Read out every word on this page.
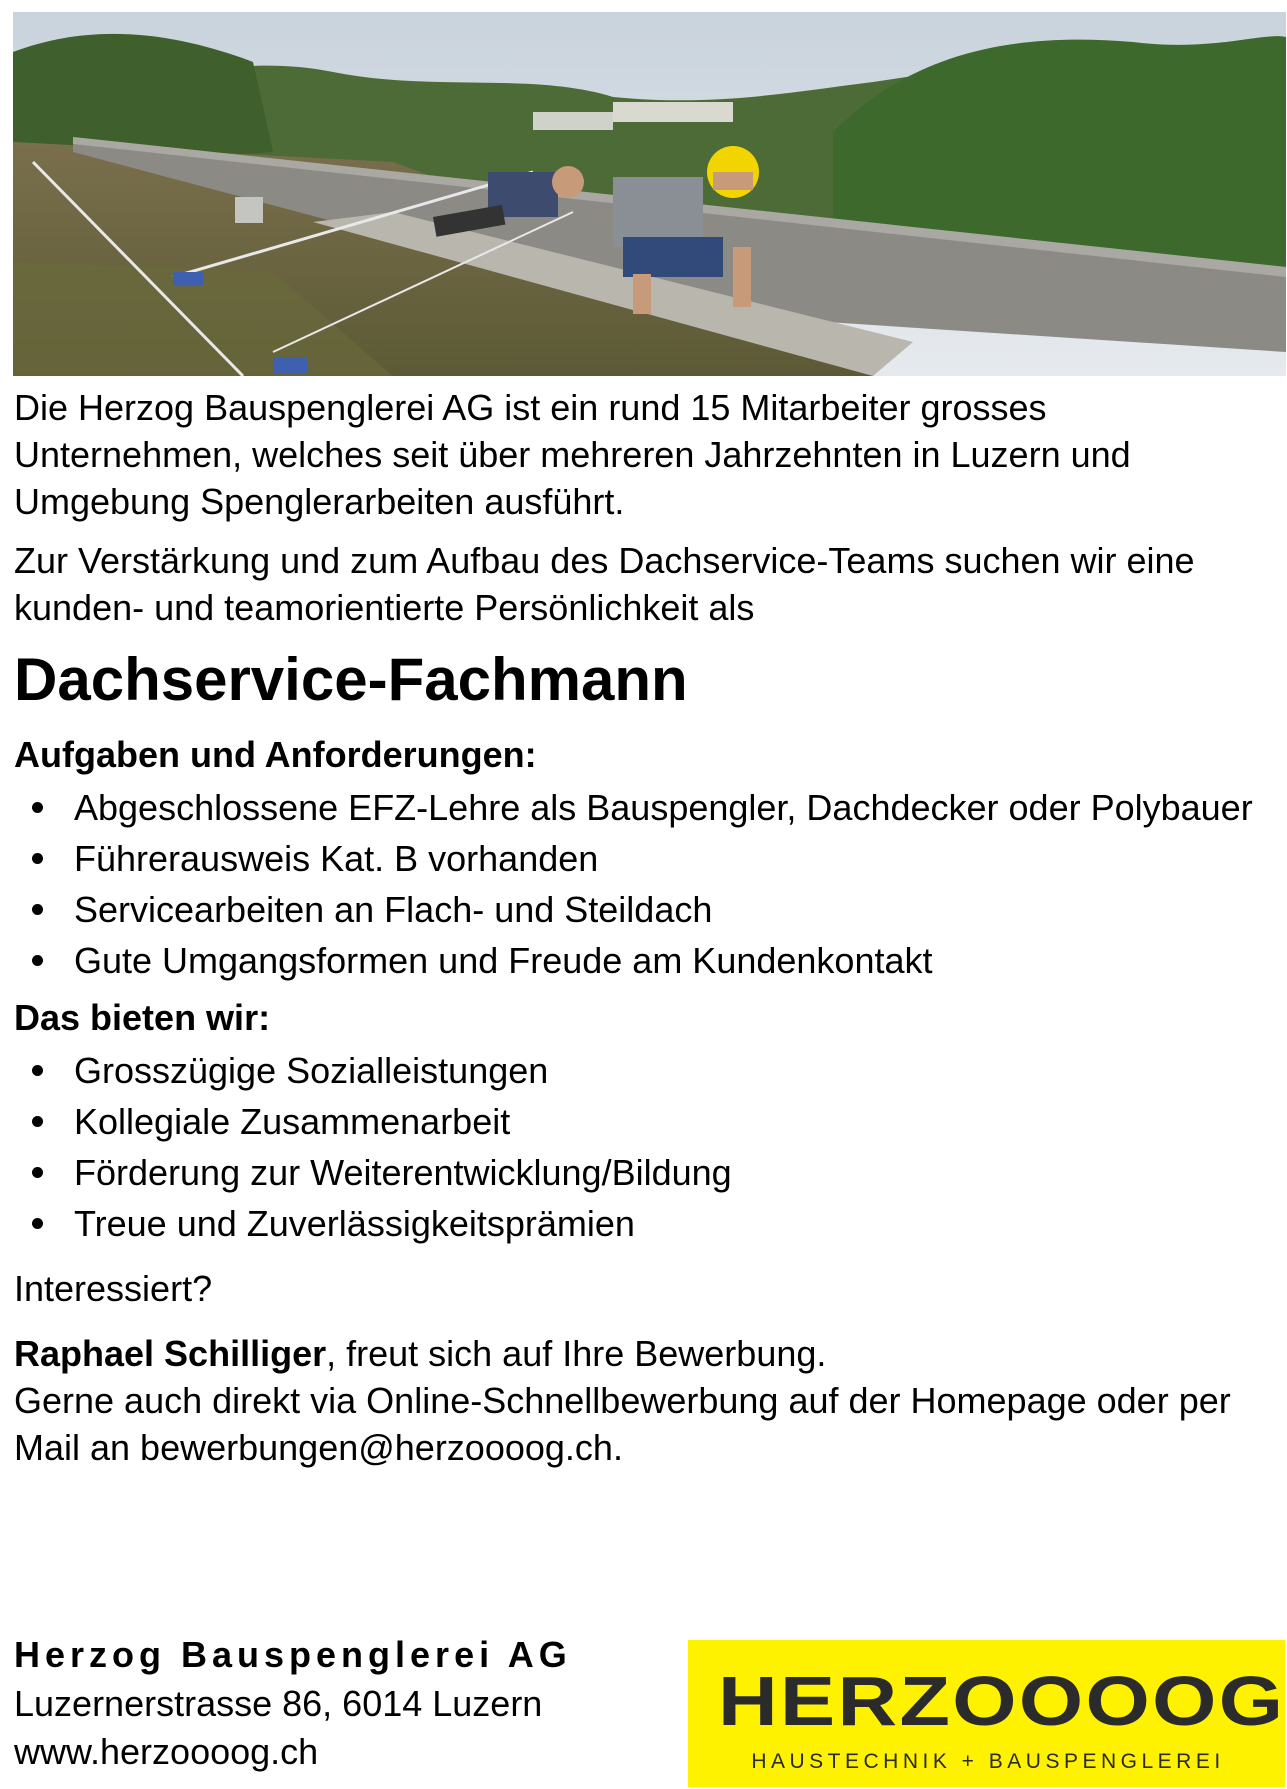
Die Herzog Bauspenglerei AG ist ein rund 15 Mitarbeiter grosses Unternehmen, welches seit über mehreren Jahrzehnten in Luzern und Umgebung Spenglerarbeiten ausführt.

Zur Verstärkung und zum Aufbau des Dachservice-Teams suchen wir eine kunden- und teamorientierte Persönlichkeit als

Dachservice-Fachmann
Aufgaben und Anforderungen:
Abgeschlossene EFZ-Lehre als Bauspengler, Dachdecker oder Polybauer
Führerausweis Kat. B vorhanden
Servicearbeiten an Flach- und Steildach
Gute Umgangsformen und Freude am Kundenkontakt
Das bieten wir:
Grosszügige Sozialleistungen
Kollegiale Zusammenarbeit
Förderung zur Weiterentwicklung/Bildung
Treue und Zuverlässigkeitsprämien

Interessiert?

Raphael Schilliger, freut sich auf Ihre Bewerbung.

Gerne auch direkt via Online-Schnellbewerbung auf der Homepage oder per Mail an bewerbungen@herzoooog.ch.

Herzog Bauspenglerei AG
Luzernerstrasse 86, 6014 Luzern
www.herzoooog.ch
HERZOOOOG
HAUSTECHNIK + BAUSPENGLEREI
